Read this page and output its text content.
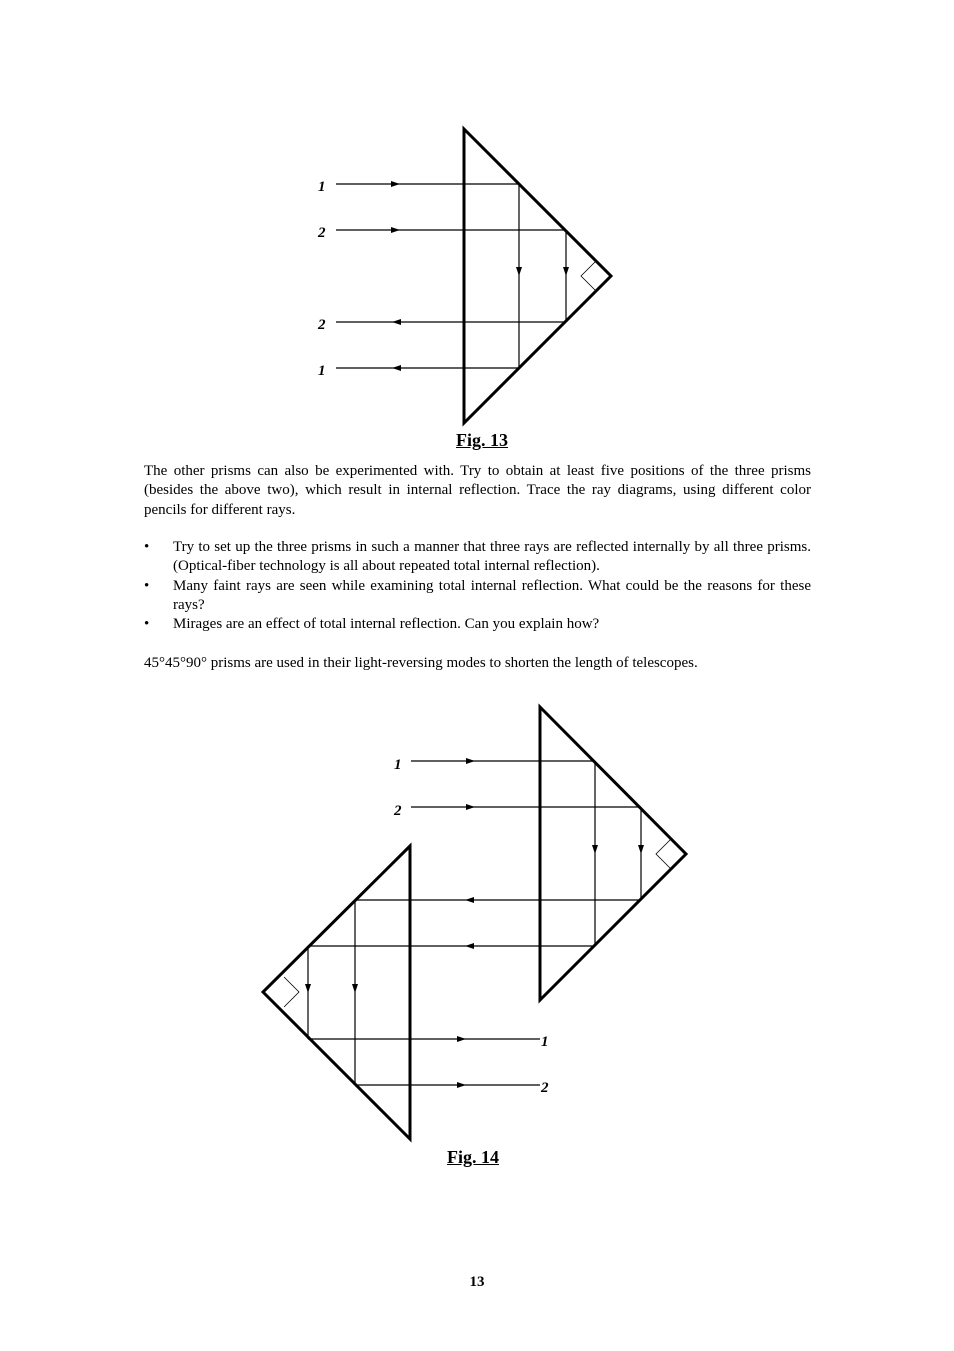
1
2
2
1
1
2
1
2
Fig. 13

The other prisms can also be experimented with. Try to obtain at least five positions of the three prisms (besides the above two), which result in internal reflection. Trace the ray diagrams, using different color pencils for different rays.

• Try to set up the three prisms in such a manner that three rays are reflected internally by all three prisms. (Optical-fiber technology is all about repeated total internal reflection).
• Many faint rays are seen while examining total internal reflection. What could be the reasons for these rays?
• Mirages are an effect of total internal reflection. Can you explain how?

45°45°90° prisms are used in their light-reversing modes to shorten the length of telescopes.

Fig. 14
13
